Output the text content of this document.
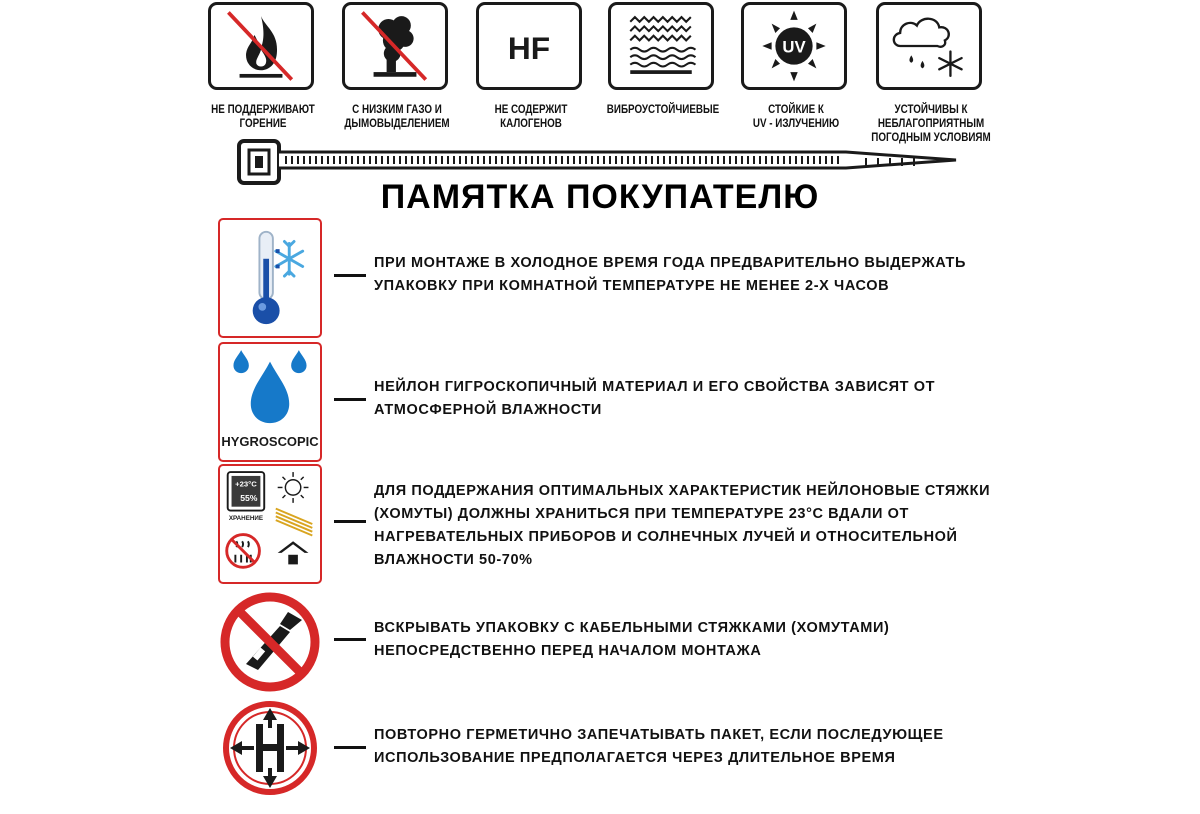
НЕ ПОДДЕРЖИВАЮТ
ГОРЕНИЕ
С НИЗКИМ ГАЗО И
ДЫМОВЫДЕЛЕНИЕМ
HF
НЕ СОДЕРЖИТ
КАЛОГЕНОВ
ВИБРОУСТОЙЧИЕВЫЕ
UV
СТОЙКИЕ К
UV - ИЗЛУЧЕНИЮ
УСТОЙЧИВЫ К
НЕБЛАГОПРИЯТНЫМ
ПОГОДНЫМ УСЛОВИЯМ
ПАМЯТКА ПОКУПАТЕЛЮ
ПРИ МОНТАЖЕ В ХОЛОДНОЕ ВРЕМЯ ГОДА ПРЕДВАРИТЕЛЬНО ВЫДЕРЖАТЬ УПАКОВКУ ПРИ КОМНАТНОЙ ТЕМПЕРАТУРЕ НЕ МЕНЕЕ 2-Х ЧАСОВ
HYGROSCOPIC
НЕЙЛОН ГИГРОСКОПИЧНЫЙ МАТЕРИАЛ И ЕГО СВОЙСТВА ЗАВИСЯТ ОТ АТМОСФЕРНОЙ ВЛАЖНОСТИ
+23°C
55%
ХРАНЕНИЕ
ДЛЯ ПОДДЕРЖАНИЯ ОПТИМАЛЬНЫХ ХАРАКТЕРИСТИК НЕЙЛОНОВЫЕ СТЯЖКИ (ХОМУТЫ) ДОЛЖНЫ ХРАНИТЬСЯ ПРИ ТЕМПЕРАТУРЕ 23°С ВДАЛИ ОТ НАГРЕВАТЕЛЬНЫХ ПРИБОРОВ И СОЛНЕЧНЫХ ЛУЧЕЙ И ОТНОСИТЕЛЬНОЙ ВЛАЖНОСТИ 50-70%
ВСКРЫВАТЬ УПАКОВКУ С КАБЕЛЬНЫМИ СТЯЖКАМИ (ХОМУТАМИ) НЕПОСРЕДСТВЕННО ПЕРЕД НАЧАЛОМ МОНТАЖА
ПОВТОРНО ГЕРМЕТИЧНО ЗАПЕЧАТЫВАТЬ ПАКЕТ, ЕСЛИ ПОСЛЕДУЮЩЕЕ ИСПОЛЬЗОВАНИЕ ПРЕДПОЛАГАЕТСЯ ЧЕРЕЗ ДЛИТЕЛЬНОЕ ВРЕМЯ
